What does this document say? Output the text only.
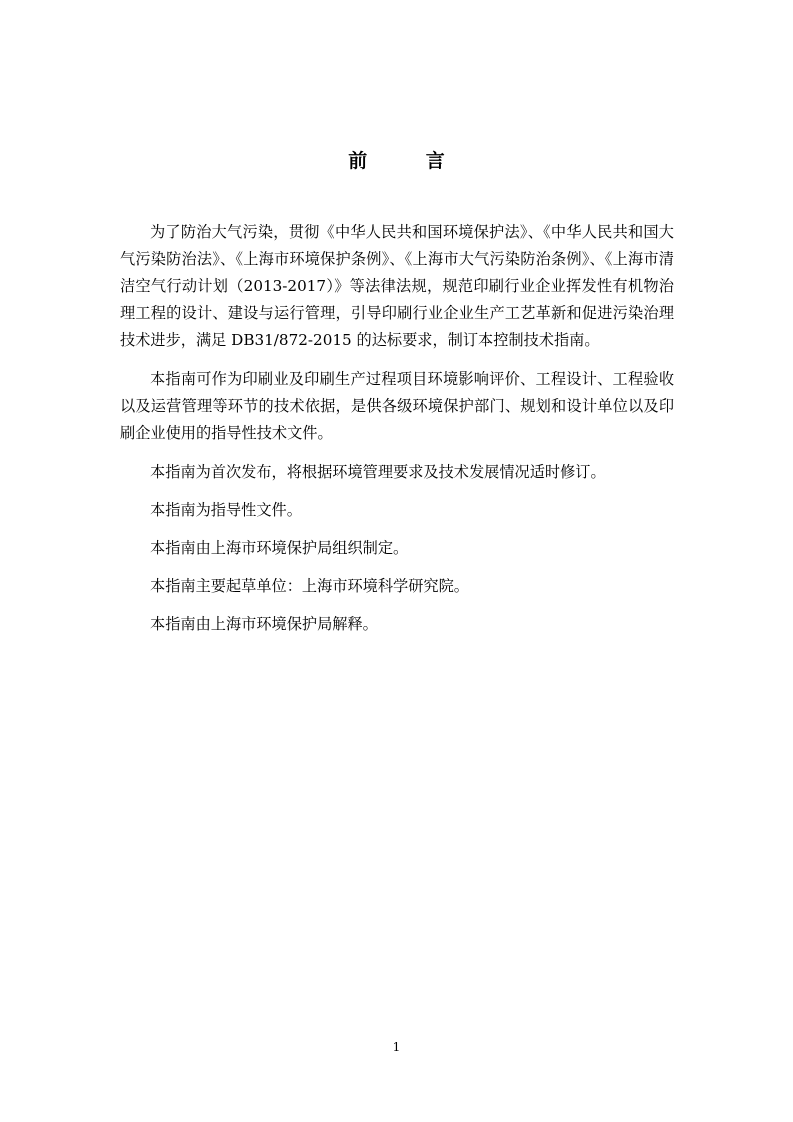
前 言

为了防治大气污染，贯彻《中华人民共和国环境保护法》、《中华人民共和国大气污染防治法》、《上海市环境保护条例》、《上海市大气污染防治条例》、《上海市清洁空气行动计划（2013-2017）》等法律法规，规范印刷行业企业挥发性有机物治理工程的设计、建设与运行管理，引导印刷行业企业生产工艺革新和促进污染治理技术进步，满足 DB31/872-2015 的达标要求，制订本控制技术指南。

本指南可作为印刷业及印刷生产过程项目环境影响评价、工程设计、工程验收以及运营管理等环节的技术依据，是供各级环境保护部门、规划和设计单位以及印刷企业使用的指导性技术文件。

本指南为首次发布，将根据环境管理要求及技术发展情况适时修订。

本指南为指导性文件。

本指南由上海市环境保护局组织制定。

本指南主要起草单位：上海市环境科学研究院。

本指南由上海市环境保护局解释。

1
